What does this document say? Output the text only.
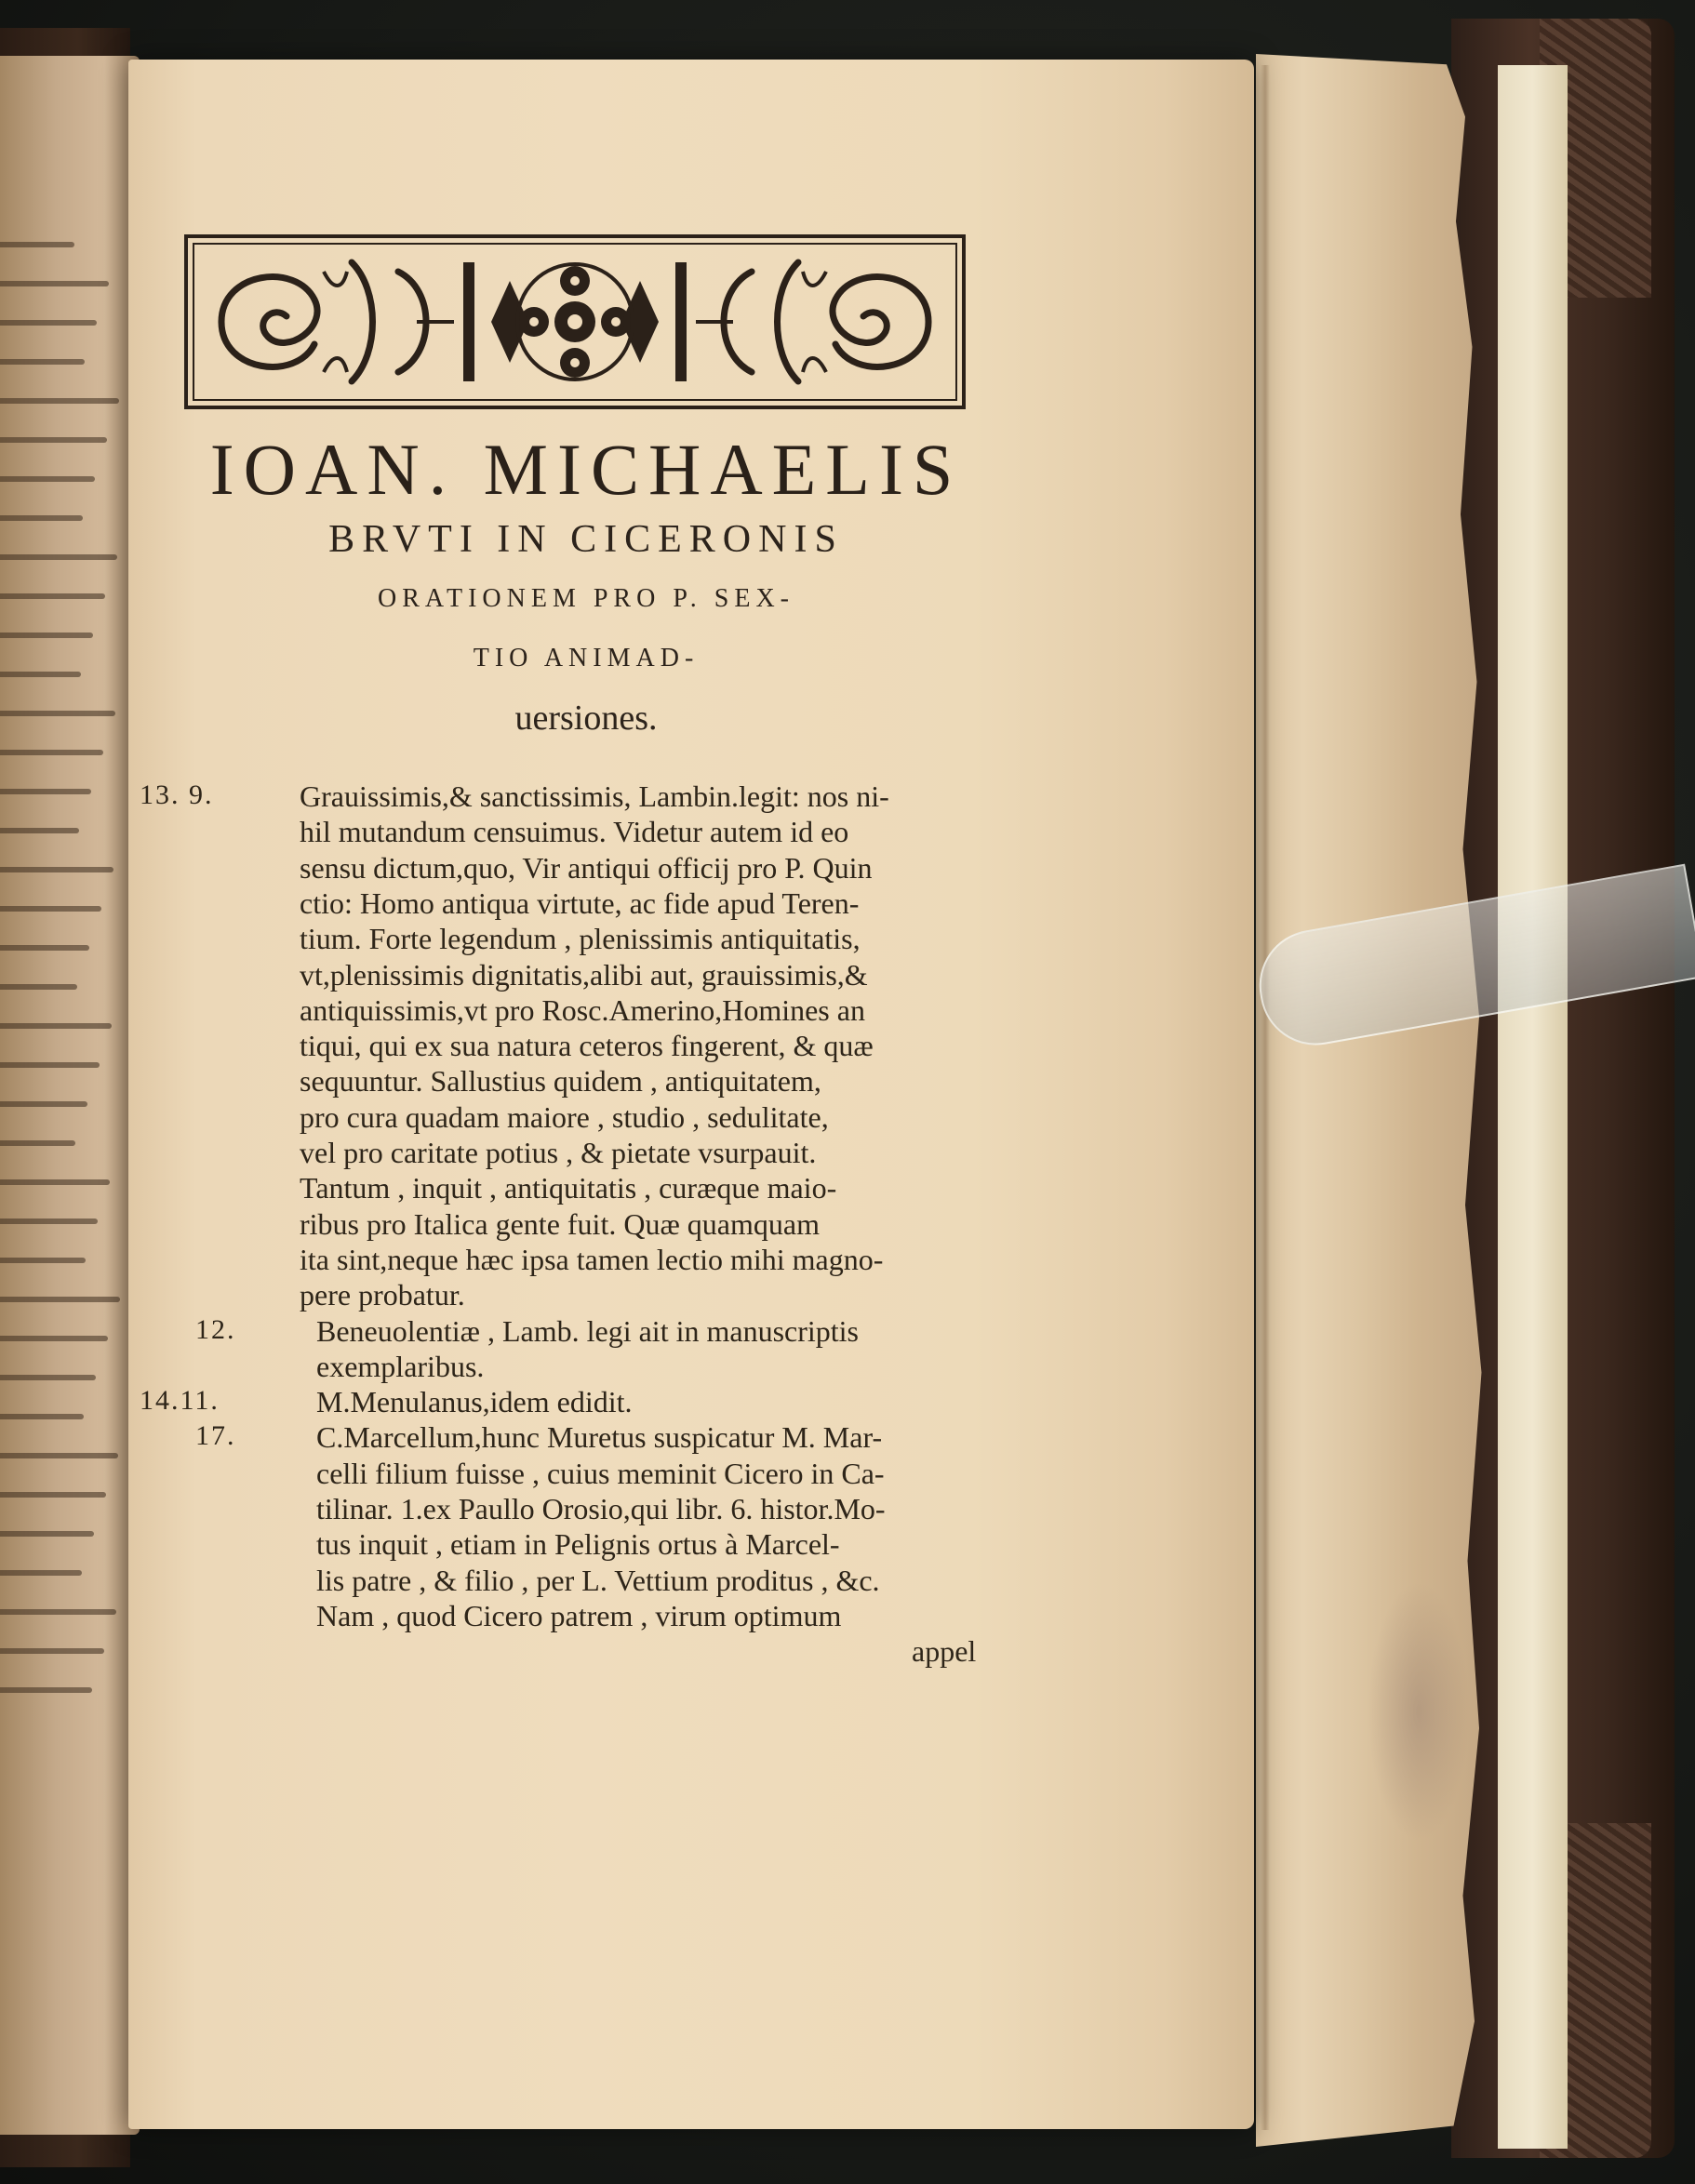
IOAN. MICHAELIS
BRVTI IN CICERONIS
ORATIONEM PRO P. SEX-
TIO ANIMAD-
uersiones.
13. 9.	Grauissimis,& sanctissimis, Lambin.legit: nos ni-
hil mutandum censuimus. Videtur autem id eo
sensu dictum,quo, Vir antiqui officij pro P. Quin
ctio: Homo antiqua virtute, ac fide apud Teren-
tium. Forte legendum , plenissimis antiquitatis,
vt,plenissimis dignitatis,alibi aut, grauissimis,&
antiquissimis,vt pro Rosc.Amerino,Homines an
tiqui, qui ex sua natura ceteros fingerent, & quæ
sequuntur. Sallustius quidem , antiquitatem,
pro cura quadam maiore , studio , sedulitate,
vel pro caritate potius , & pietate vsurpauit.
Tantum , inquit , antiquitatis , curæque maio-
ribus pro Italica gente fuit. Quæ quamquam
ita sint,neque hæc ipsa tamen lectio mihi magno-
pere probatur.
12.	Beneuolentiæ , Lamb. legi ait in manuscriptis
exemplaribus.
14.11.	M.Menulanus,idem edidit.
17.	C.Marcellum,hunc Muretus suspicatur M. Mar-
celli filium fuisse , cuius meminit Cicero in Ca-
tilinar. 1.ex Paullo Orosio,qui libr. 6. histor.Mo-
tus inquit , etiam in Pelignis ortus à Marcel-
lis patre , & filio , per L. Vettium proditus , &c.
Nam , quod Cicero patrem , virum optimum
appel
